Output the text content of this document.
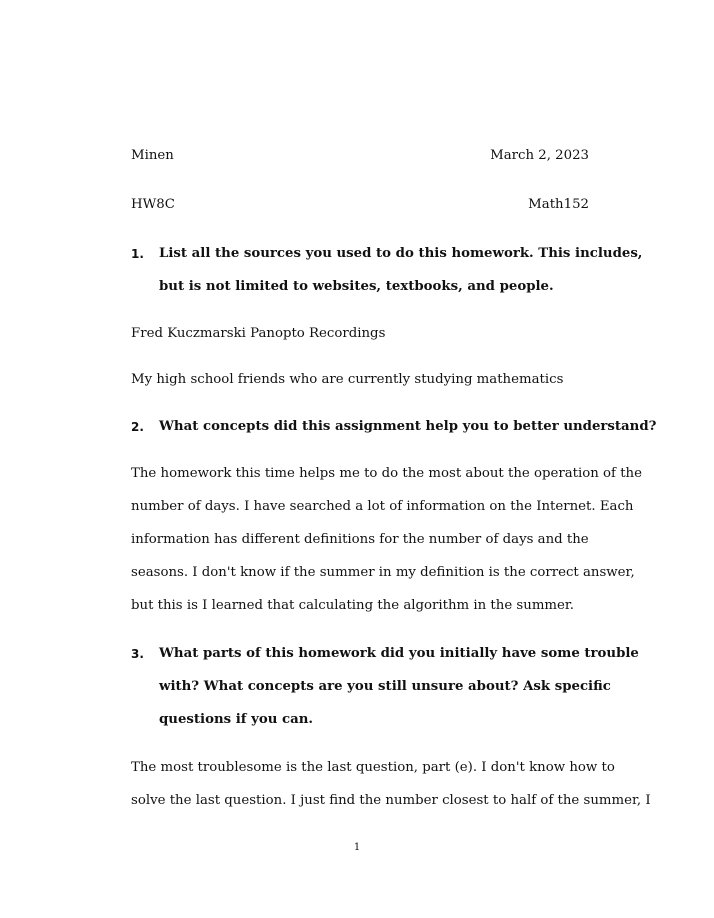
Minen	March 2, 2023
HW8C	Math152
1. List all the sources you used to do this homework. This includes,
but is not limited to websites, textbooks, and people.
Fred Kuczmarski Panopto Recordings
My high school friends who are currently studying mathematics
2. What concepts did this assignment help you to better understand?
The homework this time helps me to do the most about the operation of the
number of days. I have searched a lot of information on the Internet. Each
information has different definitions for the number of days and the
seasons. I don't know if the summer in my definition is the correct answer,
but this is I learned that calculating the algorithm in the summer.
3. What parts of this homework did you initially have some trouble
with? What concepts are you still unsure about? Ask specific
questions if you can.
The most troublesome is the last question, part (e). I don't know how to
solve the last question. I just find the number closest to half of the summer, I
1
